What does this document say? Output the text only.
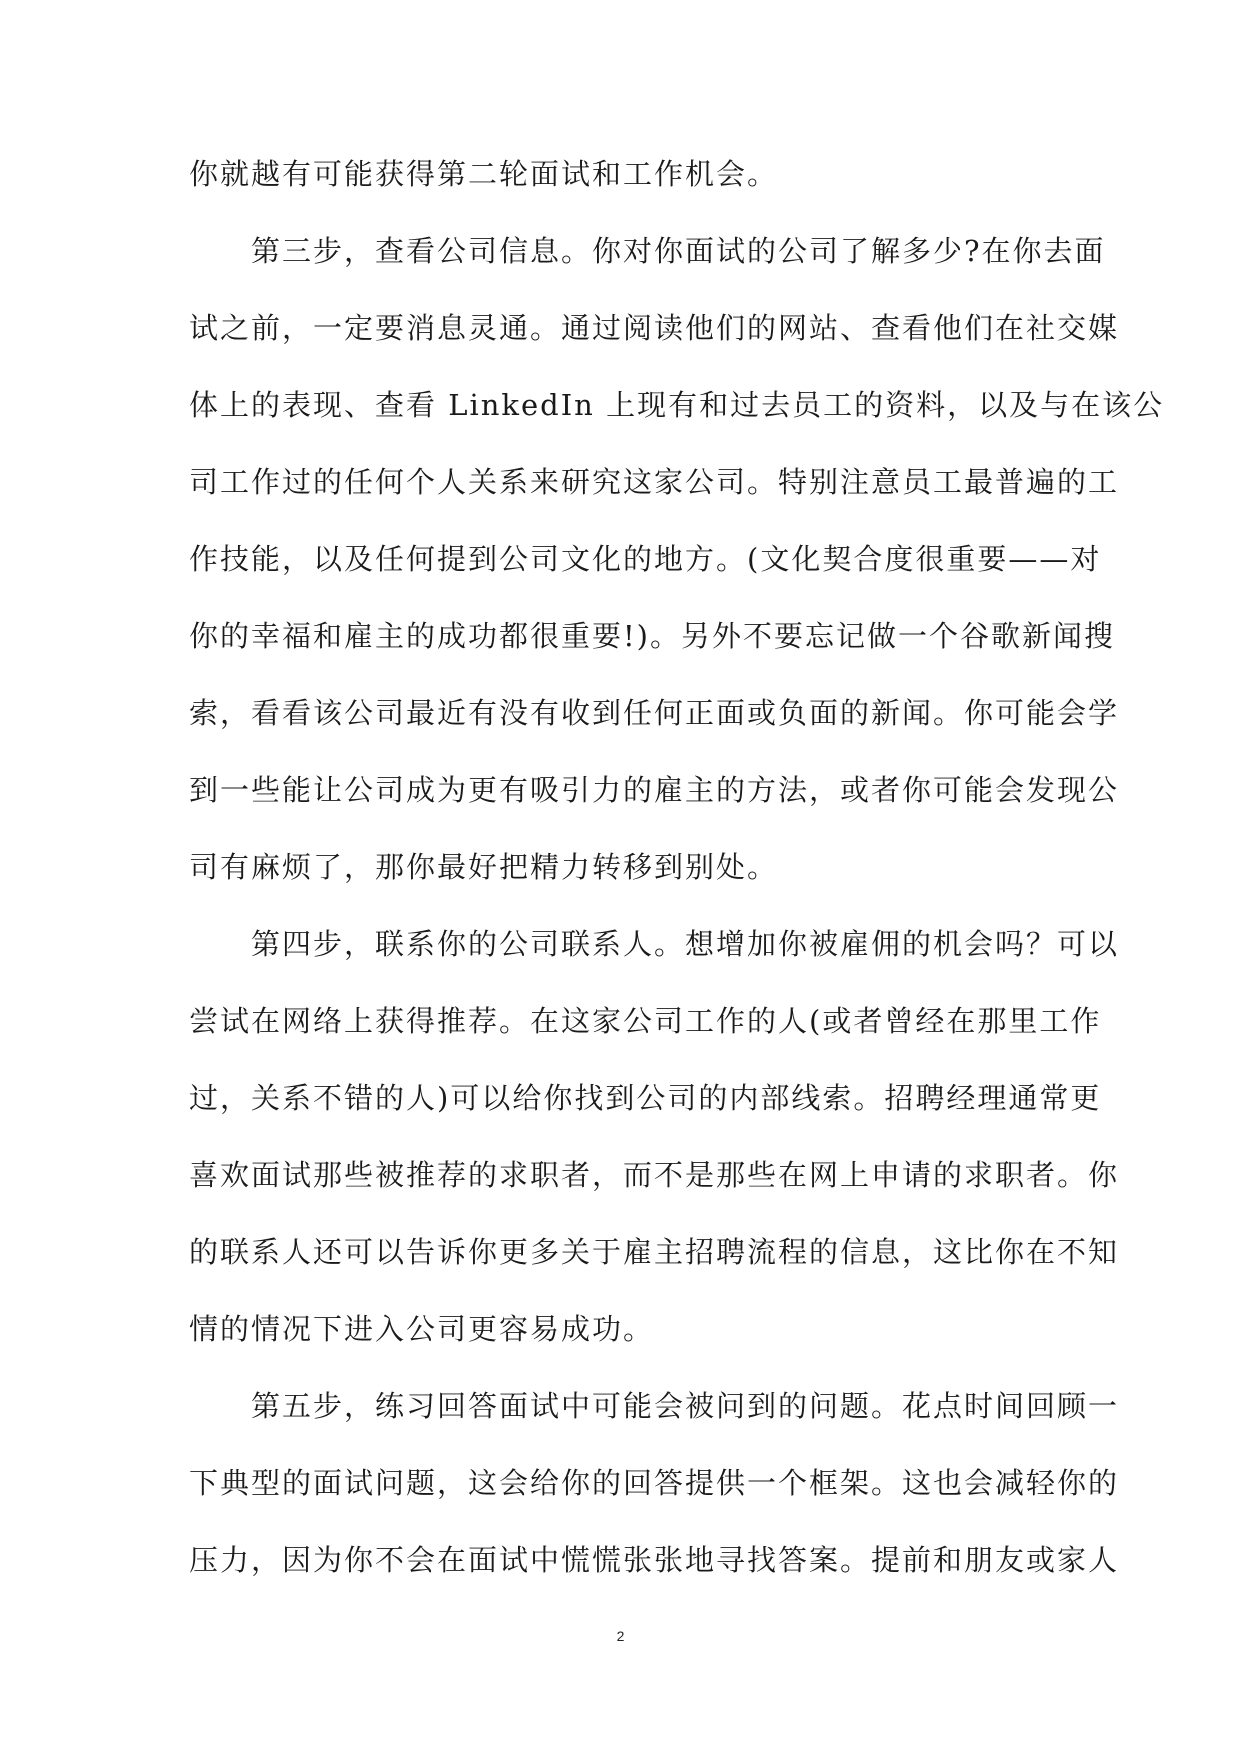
你就越有可能获得第二轮面试和工作机会。
　　第三步，查看公司信息。你对你面试的公司了解多少?在你去面
试之前，一定要消息灵通。通过阅读他们的网站、查看他们在社交媒
体上的表现、查看 LinkedIn 上现有和过去员工的资料，以及与在该公
司工作过的任何个人关系来研究这家公司。特别注意员工最普遍的工
作技能，以及任何提到公司文化的地方。(文化契合度很重要——对
你的幸福和雇主的成功都很重要!)。另外不要忘记做一个谷歌新闻搜
索，看看该公司最近有没有收到任何正面或负面的新闻。你可能会学
到一些能让公司成为更有吸引力的雇主的方法，或者你可能会发现公
司有麻烦了，那你最好把精力转移到别处。
　　第四步，联系你的公司联系人。想增加你被雇佣的机会吗？可以
尝试在网络上获得推荐。在这家公司工作的人(或者曾经在那里工作
过，关系不错的人)可以给你找到公司的内部线索。招聘经理通常更
喜欢面试那些被推荐的求职者，而不是那些在网上申请的求职者。你
的联系人还可以告诉你更多关于雇主招聘流程的信息，这比你在不知
情的情况下进入公司更容易成功。
　　第五步，练习回答面试中可能会被问到的问题。花点时间回顾一
下典型的面试问题，这会给你的回答提供一个框架。这也会减轻你的
压力，因为你不会在面试中慌慌张张地寻找答案。提前和朋友或家人
2
